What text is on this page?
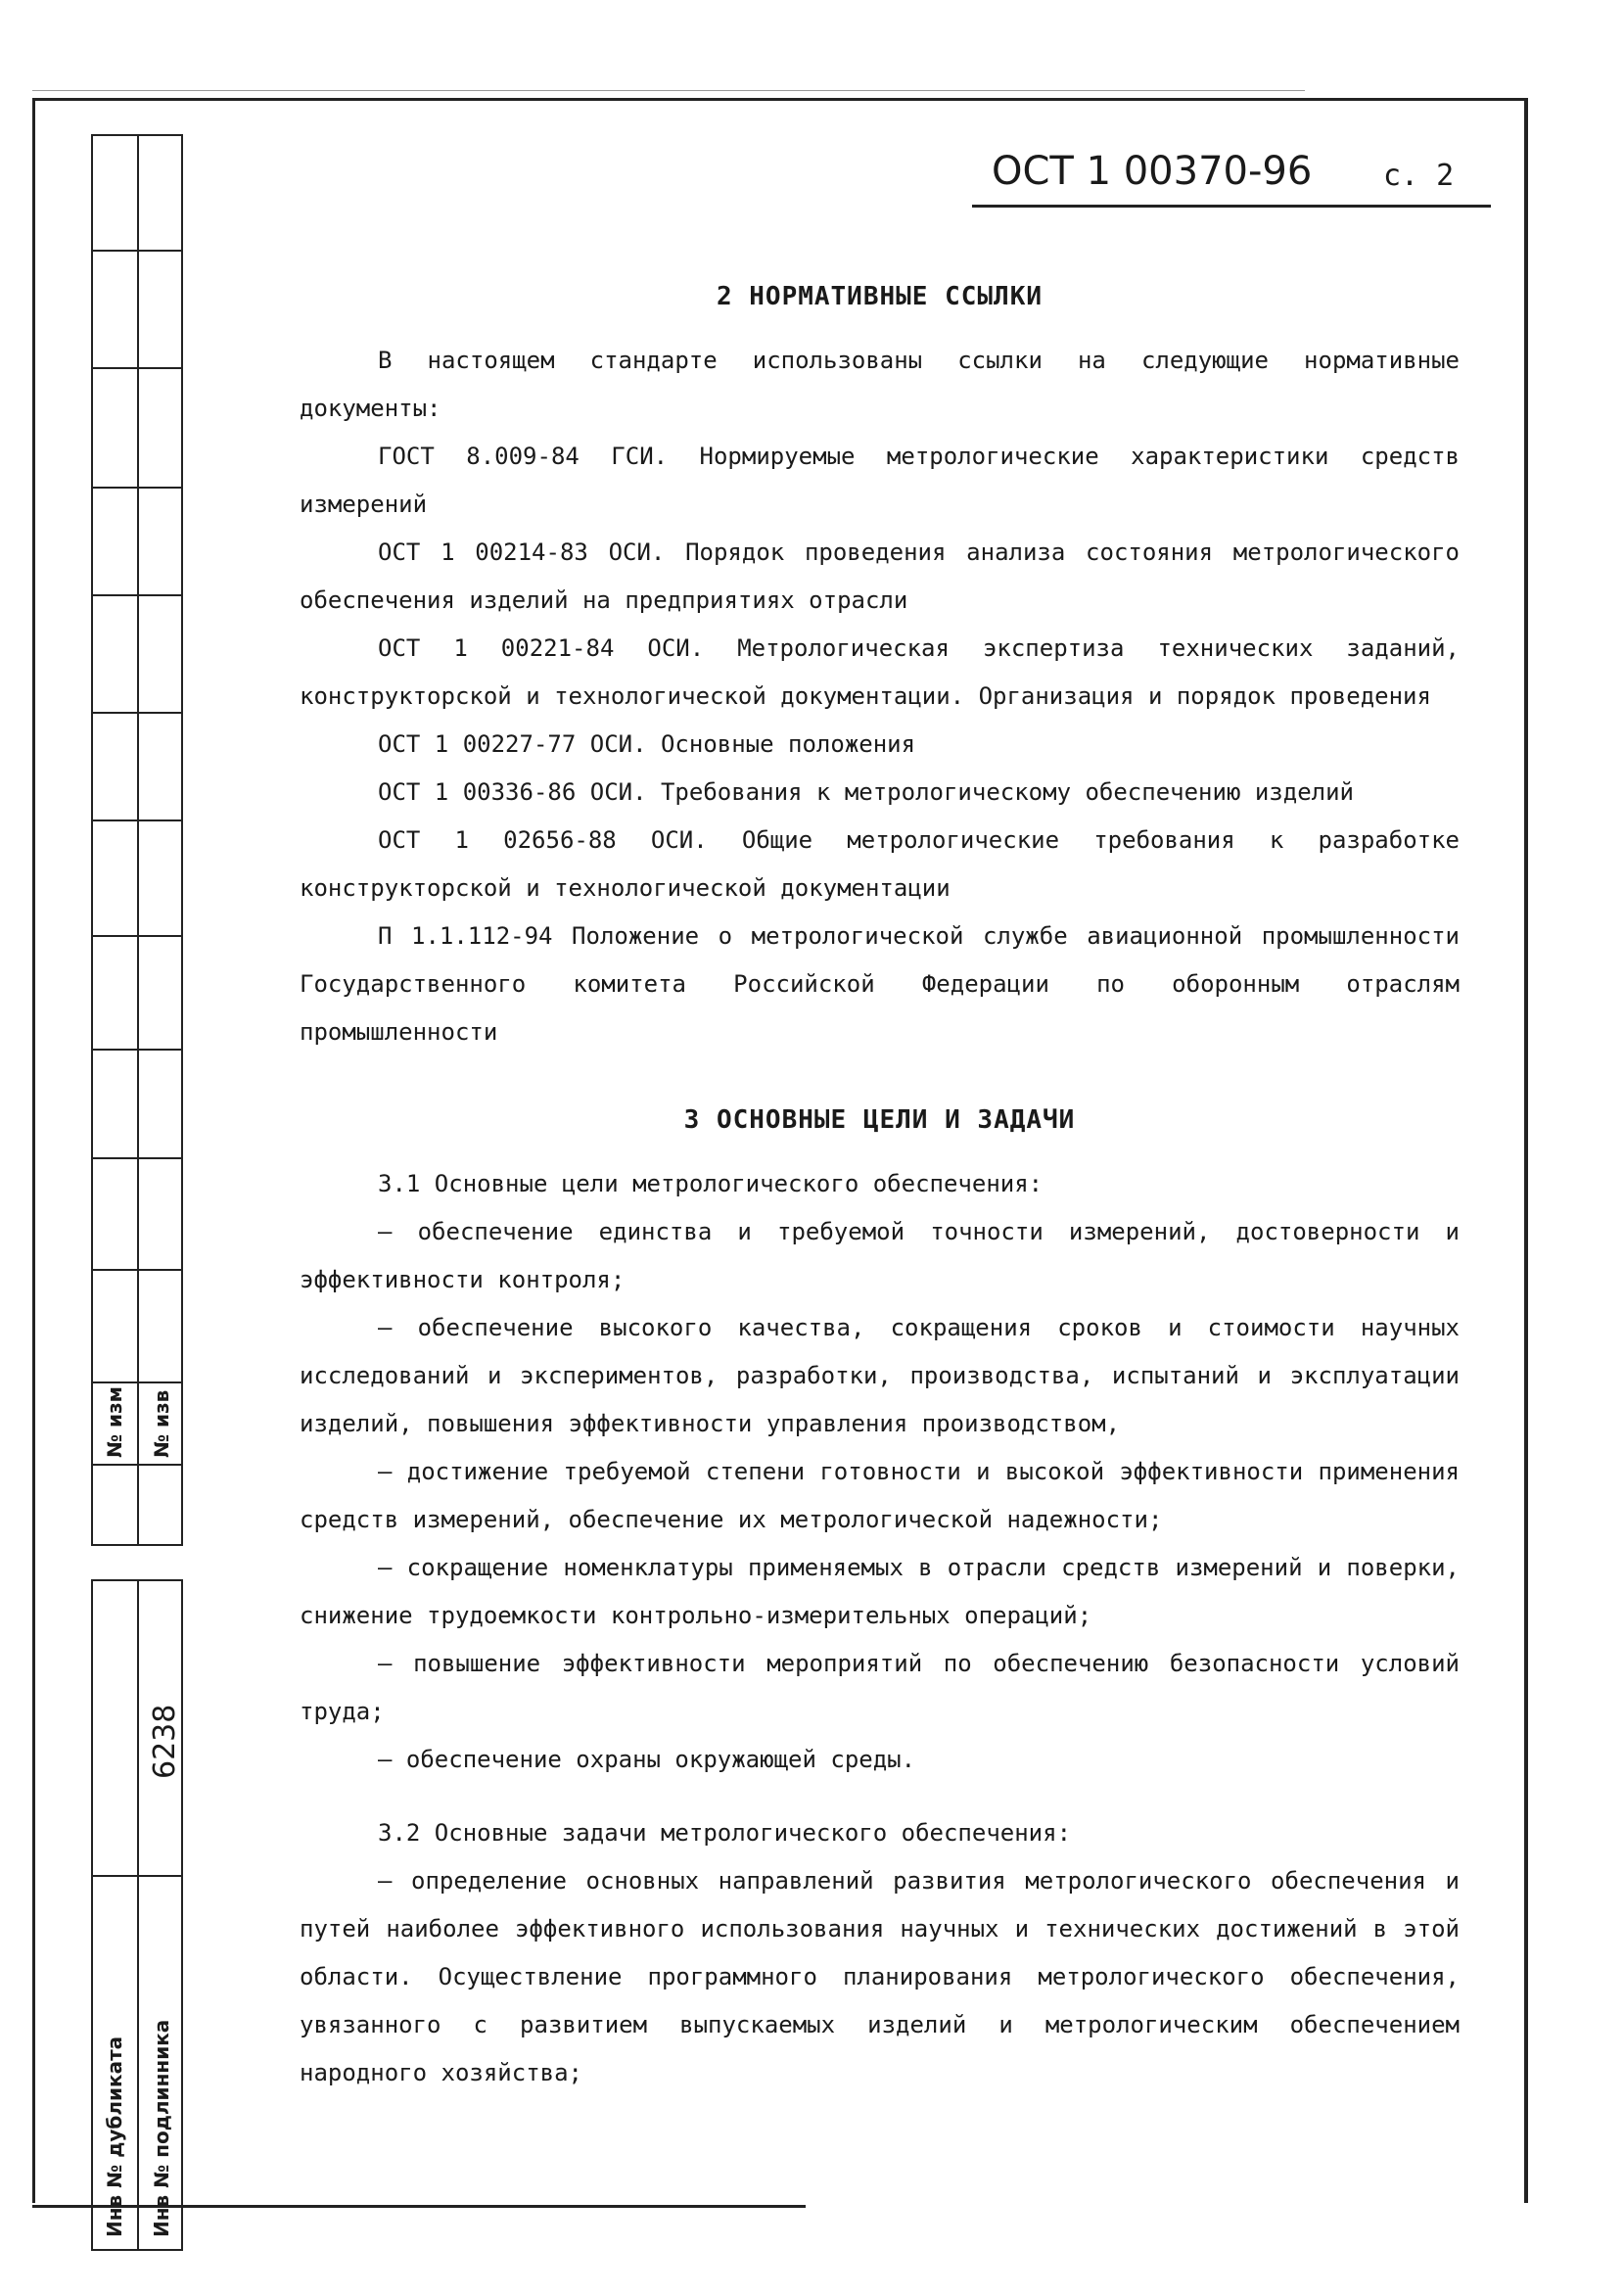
№ изм № изв
6238
Инв № дубликата Инв № подлинника
ОСТ 1 00370-96 с. 2
2 НОРМАТИВНЫЕ ССЫЛКИ

В настоящем стандарте использованы ссылки на следующие нормативные документы:

ГОСТ 8.009-84 ГСИ. Нормируемые метрологические характеристики средств измерений

ОСТ 1 00214-83 ОСИ. Порядок проведения анализа состояния метрологического обеспечения изделий на предприятиях отрасли

ОСТ 1 00221-84 ОСИ. Метрологическая экспертиза технических заданий, конструкторской и технологической документации. Организация и порядок проведения

ОСТ 1 00227-77 ОСИ. Основные положения

ОСТ 1 00336-86 ОСИ. Требования к метрологическому обеспечению изделий

ОСТ 1 02656-88 ОСИ. Общие метрологические требования к разработке конструкторской и технологической документации

П 1.1.112-94 Положение о метрологической службе авиационной промышленности Государственного комитета Российской Федерации по оборонным отраслям промышленности

3 ОСНОВНЫЕ ЦЕЛИ И ЗАДАЧИ

3.1 Основные цели метрологического обеспечения:

– обеспечение единства и требуемой точности измерений, достоверности и эффективности контроля;

– обеспечение высокого качества, сокращения сроков и стоимости научных исследований и экспериментов, разработки, производства, испытаний и эксплуатации изделий, повышения эффективности управления производством,

– достижение требуемой степени готовности и высокой эффективности применения средств измерений, обеспечение их метрологической надежности;

– сокращение номенклатуры применяемых в отрасли средств измерений и поверки, снижение трудоемкости контрольно-измерительных операций;

– повышение эффективности мероприятий по обеспечению безопасности условий труда;

– обеспечение охраны окружающей среды.

3.2 Основные задачи метрологического обеспечения:

– определение основных направлений развития метрологического обеспечения и путей наиболее эффективного использования научных и технических достижений в этой области. Осуществление программного планирования метрологического обеспечения, увязанного с развитием выпускаемых изделий и метрологическим обеспечением народного хозяйства;
